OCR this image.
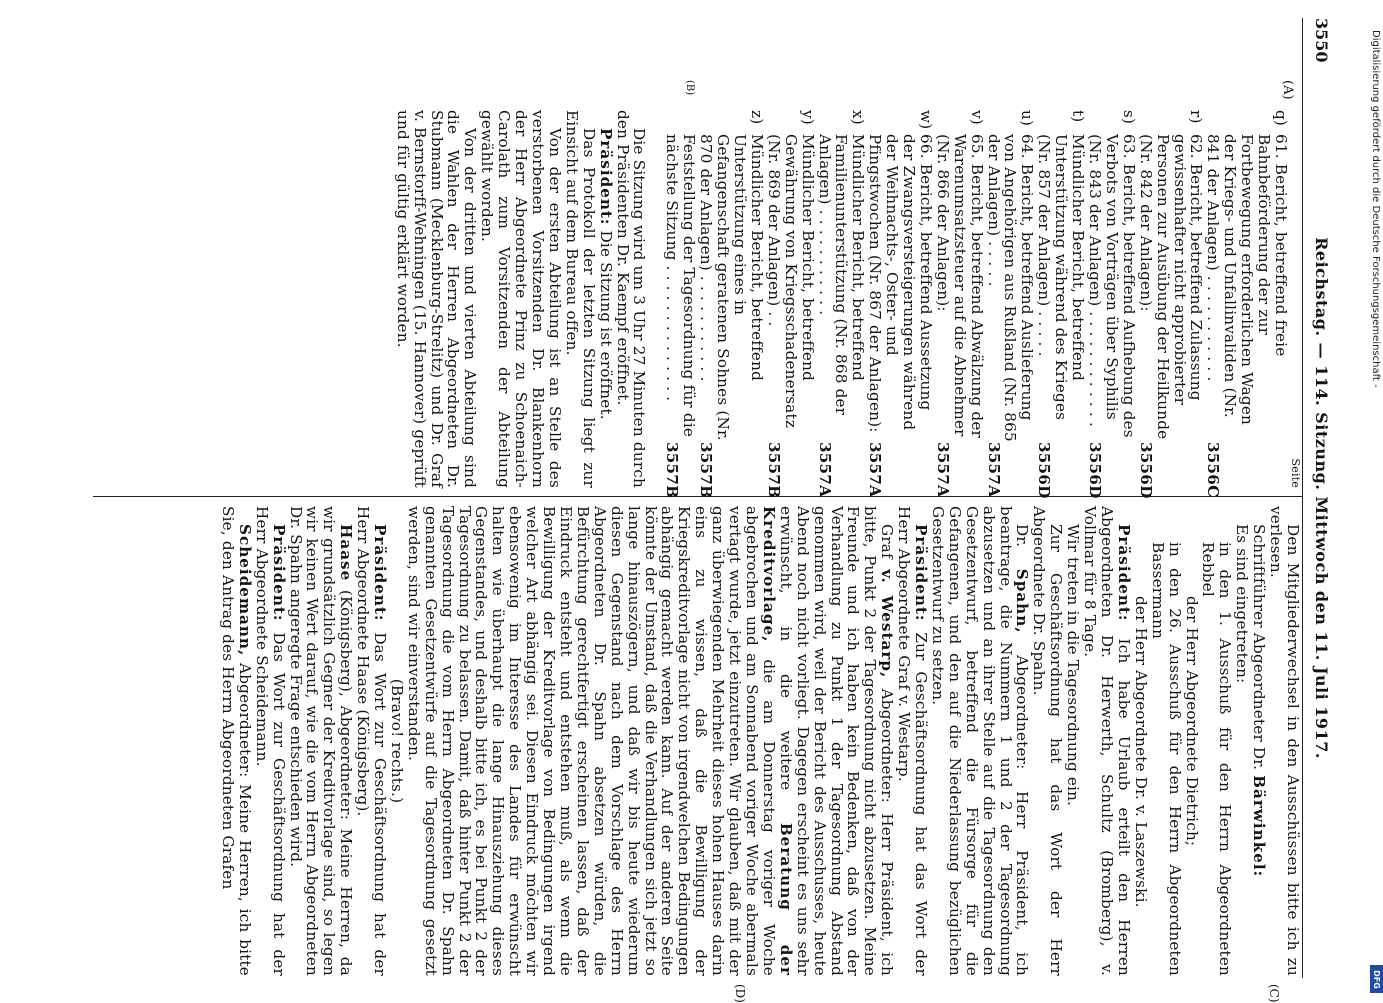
3550
Reichstag. — 114. Sitzung. Mittwoch den 11. Juli 1917.
(A)
(B)
(C)
(D)
Seite
q)
61. Bericht, betreffend freie Bahnbeförderung der zur Fortbewegung erforderlichen Wagen der Kriegs- und Unfallinvaliden (Nr. 841 der Anlagen) . . . . . . . . . . .
3556C
r)
62. Bericht, betreffend Zulassung gewissenhafter nicht approbierter Personen zur Ausübung der Heilkunde (Nr. 842 der Anlagen):
3556D
s)
63. Bericht, betreffend Aufhebung des Verbots von Vorträgen über Syphilis (Nr. 843 der Anlagen) . . . . . . . . . . . .
3556D
t)
Mündlicher Bericht, betreffend Unterstützung während des Krieges (Nr. 857 der Anlagen) . . . . .
3556D
u)
64. Bericht, betreffend Auslieferung von Angehörigen aus Rußland (Nr. 865 der Anlagen) . . . . .
3557A
v)
65. Bericht, betreffend Abwälzung der Warenumsatzsteuer auf die Abnehmer (Nr. 866 der Anlagen):
3557A
w)
66. Bericht, betreffend Aussetzung der Zwangsversteigerungen während der Weihnachts-, Oster- und Pfingstwochen (Nr. 867 der Anlagen):
3557A
x)
Mündlicher Bericht, betreffend Familienunterstützung (Nr. 868 der Anlagen) . . . . . . . . . . .
3557A
y)
Mündlicher Bericht, betreffend Gewährung von Kriegsschadenersatz (Nr. 869 der Anlagen) . .
3557B
z)
Mündlicher Bericht, betreffend Unterstützung eines in Gefangenschaft geratenen Sohnes (Nr. 870 der Anlagen) . . . . . . . . . . .
3557B
Feststellung der Tagesordnung für die nächste Sitzung . . . . . . . . . . . . . .
3557B

Die Sitzung wird um 3 Uhr 27 Minuten durch den Präsidenten Dr. Kaempf eröffnet.

Präsident: Die Sitzung ist eröffnet.

Das Protokoll der letzten Sitzung liegt zur Einsicht auf dem Bureau offen.

Von der ersten Abteilung ist an Stelle des verstorbenen Vorsitzenden Dr. Blankenhorn der Herr Abgeordnete Prinz zu Schoenaich-Carolath zum Vorsitzenden der Abteilung gewählt worden.

Von der dritten und vierten Abteilung sind die Wahlen der Herren Abgeordneten Dr. Stubmann (Mecklenburg-Strelitz) und Dr. Graf v. Bernstorff-Wehningen (15. Hannover) geprüft und für gültig erklärt worden.

Den Mitgliederwechsel in den Ausschüssen bitte ich zu verlesen.

Schriftführer Abgeordneter Dr. Bärwinkel:

Es sind eingetreten:

in den 1. Ausschuß für den Herrn Abgeordneten Rebbel

der Herr Abgeordnete Dietrich;

in den 26. Ausschuß für den Herrn Abgeordneten Bassermann

der Herr Abgeordnete Dr. v. Laszewski.

Präsident: Ich habe Urlaub erteilt den Herren Abgeordneten Dr. Herwerth, Schultz (Bromberg), v. Vollmar für 8 Tage.

Wir treten in die Tagesordnung ein.

Zur Geschäftsordnung hat das Wort der Herr Abgeordnete Dr. Spahn.

Dr. Spahn, Abgeordneter: Herr Präsident, ich beantrage, die Nummern 1 und 2 der Tagesordnung abzusetzen und an ihrer Stelle auf die Tagesordnung den Gesetzentwurf, betreffend die Fürsorge für die Gefangenen, und den auf die Niederlassung bezüglichen Gesetzentwurf zu setzen.

Präsident: Zur Geschäftsordnung hat das Wort der Herr Abgeordnete Graf v. Westarp.

Graf v. Westarp, Abgeordneter: Herr Präsident, ich bitte, Punkt 2 der Tagesordnung nicht abzusetzen. Meine Freunde und ich haben kein Bedenken, daß von der Verhandlung zu Punkt 1 der Tagesordnung Abstand genommen wird, weil der Bericht des Ausschusses, heute Abend noch nicht vorliegt. Dagegen erscheint es uns sehr erwünscht, in die weitere Beratung der Kreditvorlage, die am Donnerstag voriger Woche abgebrochen und am Sonnabend voriger Woche abermals vertagt wurde, jetzt einzutreten. Wir glauben, daß mit der ganz überwiegenden Mehrheit dieses hohen Hauses darin eins zu wissen, daß die Bewilligung der Kriegskreditvorlage nicht von irgendwelchen Bedingungen abhängig gemacht werden kann. Auf der anderen Seite könnte der Umstand, daß die Verhandlungen sich jetzt so lange hinauszögern, und daß wir bis heute wiederum diesen Gegenstand nach dem Vorschlage des Herrn Abgeordneten Dr. Spahn absetzen würden, die Befürchtung gerechtfertigt erscheinen lassen, daß der Eindruck entsteht und entstehen muß, als wenn die Bewilligung der Kreditvorlage von Bedingungen irgend welcher Art abhängig sei. Diesen Eindruck möchten wir ebensowenig im Interesse des Landes für erwünscht halten wie überhaupt die lange Hinausziehung dieses Gegenstandes, und deshalb bitte ich, es bei Punkt 2 der Tagesordnung zu belassen. Damit, daß hinter Punkt 2 der Tagesordnung die vom Herrn Abgeordneten Dr. Spahn genannten Gesetzentwürfe auf die Tagesordnung gesetzt werden, sind wir einverstanden.

(Bravo! rechts.)

Präsident: Das Wort zur Geschäftsordnung hat der Herr Abgeordnete Haase (Königsberg).

Haase (Königsberg), Abgeordneter: Meine Herren, da wir grundsätzlich Gegner der Kreditvorlage sind, so legen wir keinen Wert darauf, wie die vom Herrn Abgeordneten Dr. Spahn angeregte Frage entschieden wird.

Präsident: Das Wort zur Geschäftsordnung hat der Herr Abgeordnete Scheidemann.

Scheidemann, Abgeordneter: Meine Herren, ich bitte Sie, den Antrag des Herrn Abgeordneten Grafen

Digitalisierung gefördert durch die Deutsche Forschungsgemeinschaft -
DFG
